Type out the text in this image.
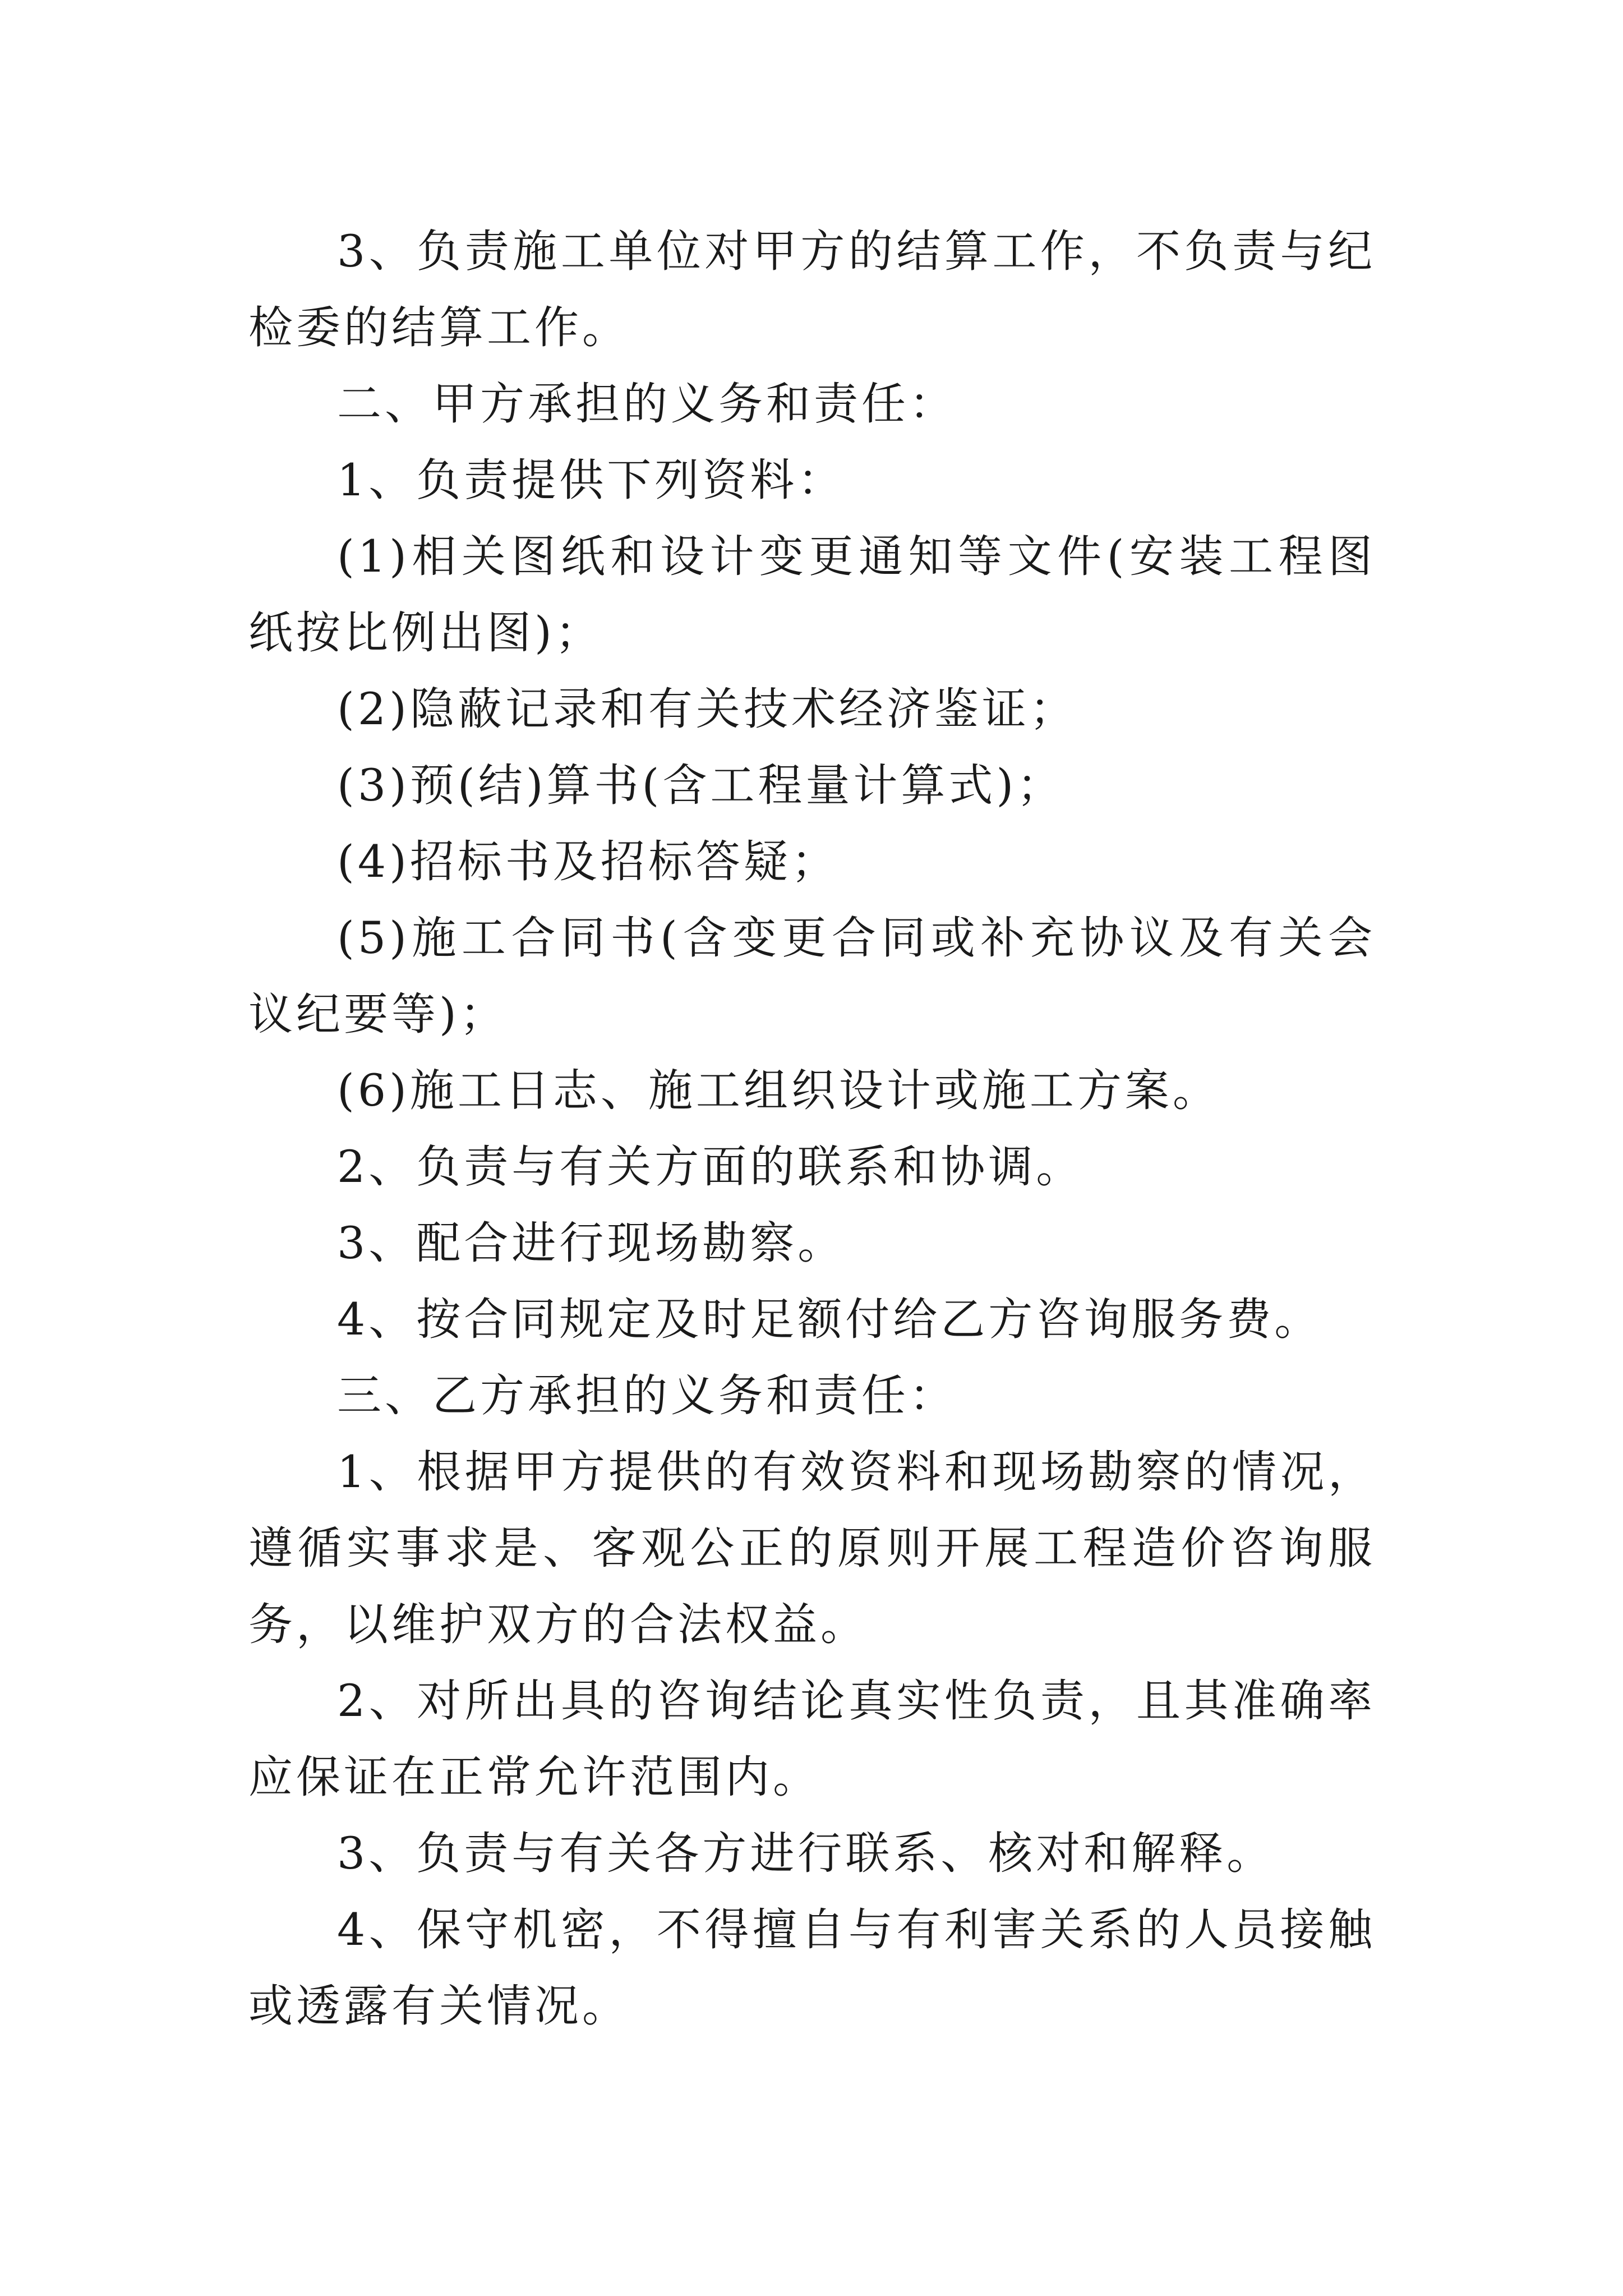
3、负责施工单位对甲方的结算工作，不负责与纪检委的结算工作。

二、甲方承担的义务和责任：

1、负责提供下列资料：

(1)相关图纸和设计变更通知等文件(安装工程图纸按比例出图)；

(2)隐蔽记录和有关技术经济鉴证；

(3)预(结)算书(含工程量计算式)；

(4)招标书及招标答疑；

(5)施工合同书(含变更合同或补充协议及有关会议纪要等)；

(6)施工日志、施工组织设计或施工方案。

2、负责与有关方面的联系和协调。

3、配合进行现场勘察。

4、按合同规定及时足额付给乙方咨询服务费。

三、乙方承担的义务和责任：

1、根据甲方提供的有效资料和现场勘察的情况，遵循实事求是、客观公正的原则开展工程造价咨询服务，以维护双方的合法权益。

2、对所出具的咨询结论真实性负责，且其准确率应保证在正常允许范围内。

3、负责与有关各方进行联系、核对和解释。

4、保守机密，不得擅自与有利害关系的人员接触或透露有关情况。
